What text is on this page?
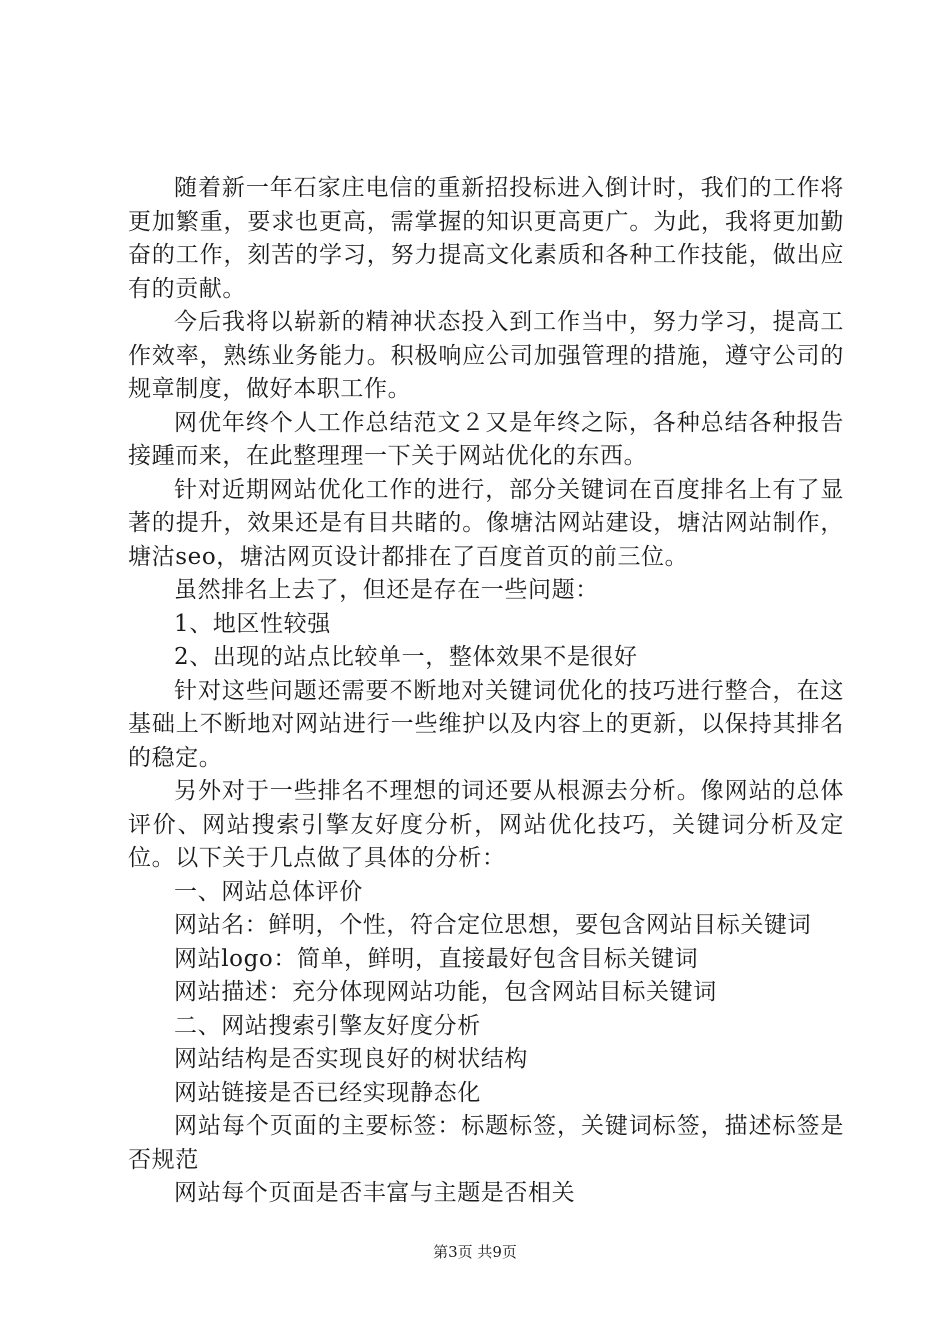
随着新一年石家庄电信的重新招投标进入倒计时，我们的工作将更加繁重，要求也更高，需掌握的知识更高更广。为此，我将更加勤奋的工作，刻苦的学习，努力提高文化素质和各种工作技能，做出应有的贡献。

今后我将以崭新的精神状态投入到工作当中，努力学习，提高工作效率，熟练业务能力。积极响应公司加强管理的措施，遵守公司的规章制度，做好本职工作。

网优年终个人工作总结范文２又是年终之际，各种总结各种报告接踵而来，在此整理理一下关于网站优化的东西。

针对近期网站优化工作的进行，部分关键词在百度排名上有了显著的提升，效果还是有目共睹的。像塘沽网站建设，塘沽网站制作，塘沽seo，塘沽网页设计都排在了百度首页的前三位。

虽然排名上去了，但还是存在一些问题：

1、地区性较强

2、出现的站点比较单一，整体效果不是很好

针对这些问题还需要不断地对关键词优化的技巧进行整合，在这基础上不断地对网站进行一些维护以及内容上的更新，以保持其排名的稳定。

另外对于一些排名不理想的词还要从根源去分析。像网站的总体评价、网站搜索引擎友好度分析，网站优化技巧，关键词分析及定位。以下关于几点做了具体的分析：

一、网站总体评价

网站名：鲜明，个性，符合定位思想，要包含网站目标关键词

网站logo：简单，鲜明，直接最好包含目标关键词

网站描述：充分体现网站功能，包含网站目标关键词

二、网站搜索引擎友好度分析

网站结构是否实现良好的树状结构

网站链接是否已经实现静态化

网站每个页面的主要标签：标题标签，关键词标签，描述标签是否规范

网站每个页面是否丰富与主题是否相关

第3页 共9页
